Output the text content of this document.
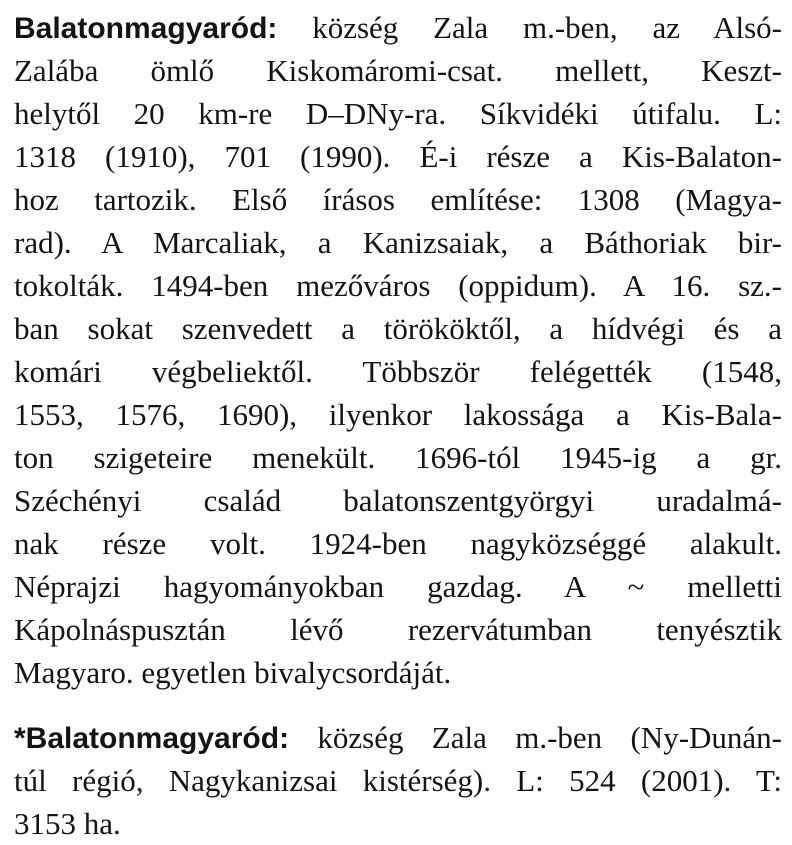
Balatonmagyaród: község Zala m.-ben, az Alsó-
Zalába ömlő Kiskomáromi-csat. mellett, Keszt-
helytől 20 km-re D–DNy-ra. Síkvidéki útifalu. L:
1318 (1910), 701 (1990). É-i része a Kis-Balaton-
hoz tartozik. Első írásos említése: 1308 (Magya-
rad). A Marcaliak, a Kanizsaiak, a Báthoriak bir-
tokolták. 1494-ben mezőváros (oppidum). A 16. sz.-
ban sokat szenvedett a törököktől, a hídvégi és a
komári végbeliektől. Többször felégették (1548,
1553, 1576, 1690), ilyenkor lakossága a Kis-Bala-
ton szigeteire menekült. 1696-tól 1945-ig a gr.
Széchényi család balatonszentgyörgyi uradalmá-
nak része volt. 1924-ben nagyközséggé alakult.
Néprajzi hagyományokban gazdag. A ~ melletti
Kápolnáspusztán lévő rezervátumban tenyésztik
Magyaro. egyetlen bivalycsordáját.
*Balatonmagyaród: község Zala m.-ben (Ny-Dunán-
túl régió, Nagykanizsai kistérség). L: 524 (2001). T:
3153 ha.
